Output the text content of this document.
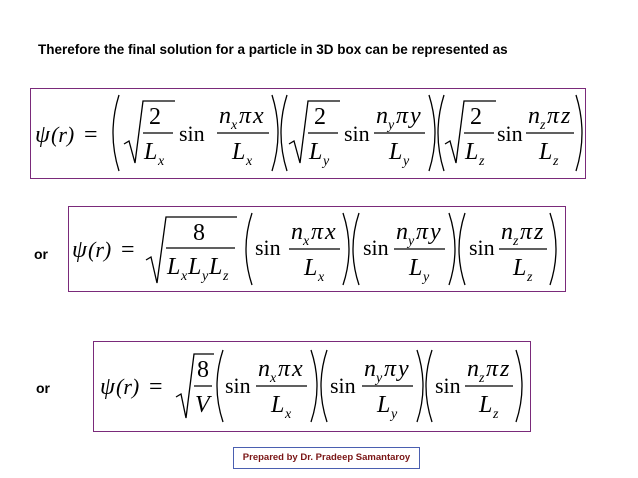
Therefore the final solution for a particle in 3D box can be represented as
ψ (r) =
2
L x
sin
n x π x
L x
2
L y
sin
n y π y
L y
2
L z
sin
n z π z
L z
or ψ (r) =
8
L x L y L z
sin
n x π x
L x
sin
n y π y
L y
sin
n z π z
L z
or ψ (r) =
8
V
sin
n x π x
L x
sin
n y π y
L y
sin
n z π z
L z
Prepared by Dr. Pradeep Samantaroy
